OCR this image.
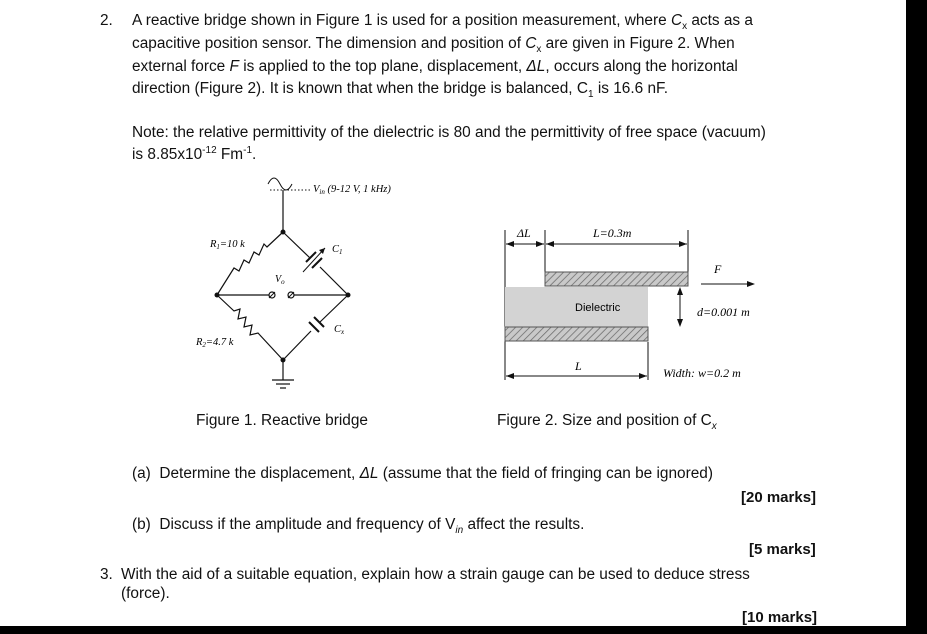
2. A reactive bridge shown in Figure 1 is used for a position measurement, where $C_x$ acts as a

capacitive position sensor. The dimension and position of $C_x$ are given in Figure 2. When

external force F is applied to the top plane, displacement, ΔL, occurs along the horizontal

direction (Figure 2). It is known that when the bridge is balanced, $C_1$ is 16.6 nF.

Note: the relative permittivity of the dielectric is 80 and the permittivity of free space (vacuum)

is $8.85x10^{-12}$ $Fm^{-1}$.

Vin (9-12 V, 1 kHz)
C1
Cx
R1=10 k
R2=4.7 k
$V_o$
ΔL	L=0.3m
Dielectric
F
d=0.001 m
L	Width: w=0.2 m
Figure 1. Reactive bridge	Figure 2. Size and position of $C_x$

(a) Determine the displacement, ΔL (assume that the field of fringing can be ignored)

[20 marks]

(b) Discuss if the amplitude and frequency of $V_{in}$ affect the results.

[5 marks]
3. With the aid of a suitable equation, explain how a strain gauge can be used to deduce stress

(force).

[10 marks]
